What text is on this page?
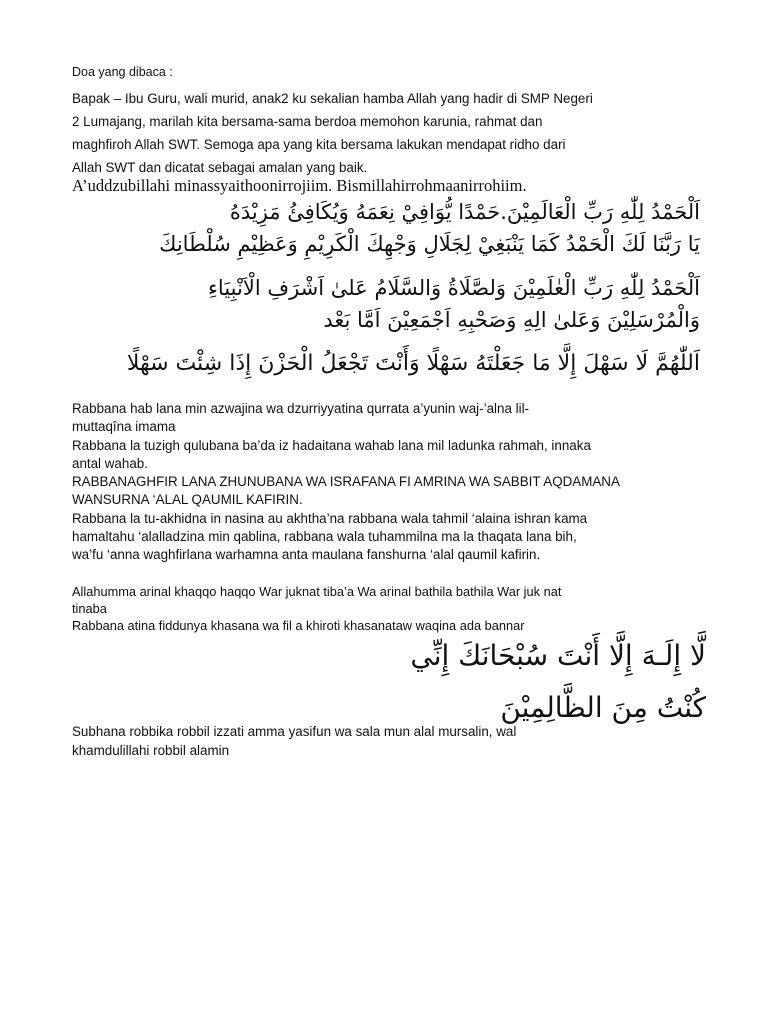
Doa yang dibaca :

Bapak – Ibu Guru, wali murid, anak2 ku sekalian hamba Allah yang hadir di SMP Negeri
2 Lumajang, marilah kita bersama-sama berdoa memohon karunia, rahmat dan
maghfiroh Allah SWT. Semoga apa yang kita bersama lakukan mendapat ridho dari
Allah SWT dan dicatat sebagai amalan yang baik.

A’uddzubillahi minassyaithoonirrojiim. Bismillahirrohmaanirrohiim.

اَلْحَمْدُ لِلّٰهِ رَبِّ الْعَالَمِيْنَ.حَمْدًا يُّوَافِيْ نِعَمَهُ وَيُكَافِئُ مَزِيْدَهُ
يَا رَبَّنَا لَكَ الْحَمْدُ كَمَا يَنْبَغِيْ لِجَلَالِ وَجْهِكَ الْكَرِيْمِ وَعَظِيْمِ سُلْطَانِكَ

اَلْحَمْدُ لِلّٰهِ رَبِّ الْعٰلَمِيْنَ وَلصَّلَاةُ وَالسَّلَامُ عَلىٰ اَشْرَفِ الْاَنْبِيَاءِ
وَالْمُرْسَلِيْنَ وَعَلىٰ الِهِ وَصَحْبِهِ اَجْمَعِيْنَ اَمَّا بَعْد

اَللّٰهُمَّ لَا سَهْلَ إِلَّا مَا جَعَلْتَهُ سَهْلًا وَأَنْتَ تَجْعَلُ الْحَزْنَ إِذَا شِئْتَ سَهْلًا

Rabbana hab lana min azwajina wa dzurriyyatina qurrata a’yunin waj-’alna lil-
muttaqîna imama
Rabbana la tuzigh qulubana ba’da iz hadaitana wahab lana mil ladunka rahmah, innaka
antal wahab.
RABBANAGHFIR LANA ZHUNUBANA WA ISRAFANA FI AMRINA WA SABBIT AQDAMANA
WANSURNA ‘ALAL QAUMIL KAFIRIN.
Rabbana la tu-akhidna in nasina au akhtha’na rabbana wala tahmil ‘alaina ishran kama
hamaltahu ‘alalladzina min qablina, rabbana wala tuhammilna ma la thaqata lana bih,
wa’fu ‘anna waghfirlana warhamna anta maulana fanshurna ‘alal qaumil kafirin.

Allahumma arinal khaqqo haqqo War juknat tiba’a Wa arinal bathila bathila War juk nat
tinaba
Rabbana atina fiddunya khasana wa fil a khiroti khasanataw waqina ada bannar

لَّا إِلَـهَ إِلَّا أَنْتَ سُبْحَانَكَ إِنِّي
كُنْتُ مِنَ الظَّالِمِيْنَ

Subhana robbika robbil izzati amma yasifun wa sala mun alal mursalin, wal
khamdulillahi robbil alamin
